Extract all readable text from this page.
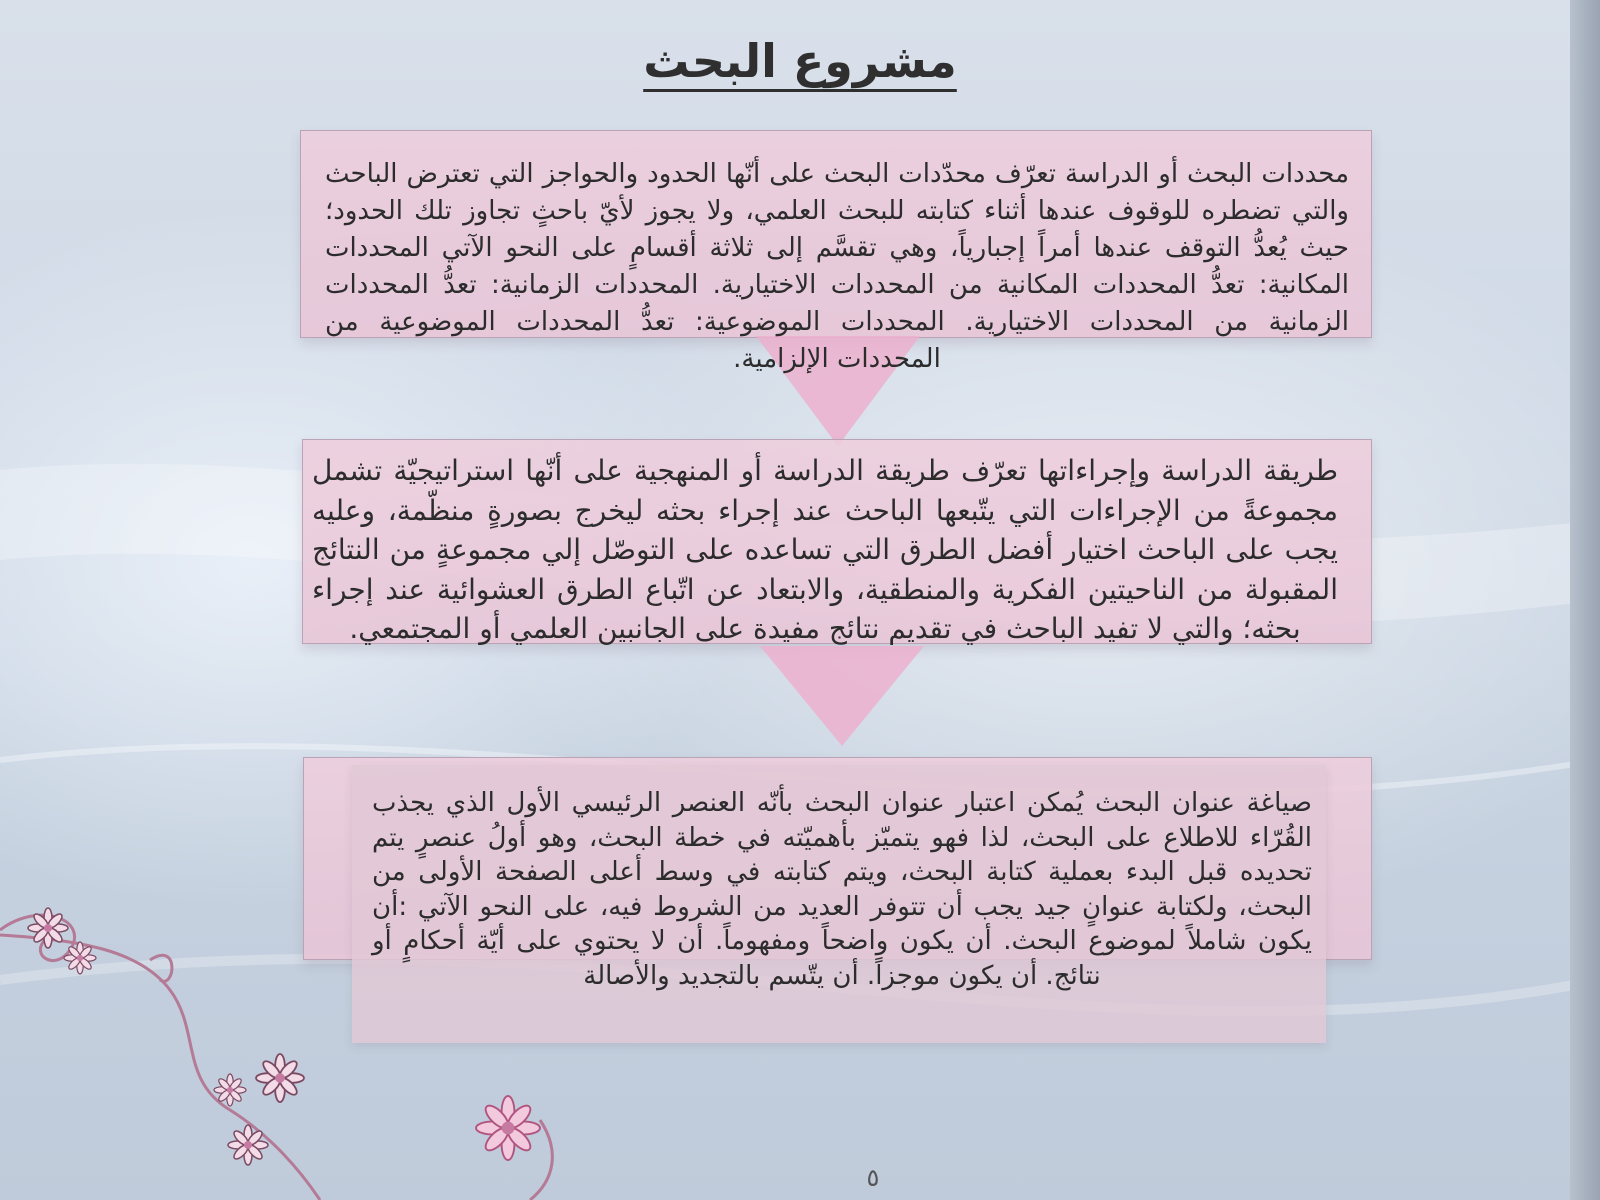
مشروع البحث

محددات البحث أو الدراسة تعرّف محدّدات البحث على أنّها الحدود والحواجز التي تعترض الباحث والتي تضطره للوقوف عندها أثناء كتابته للبحث العلمي، ولا يجوز لأيّ باحثٍ تجاوز تلك الحدود؛ حيث يُعدُّ التوقف عندها أمراً إجبارياً، وهي تقسَّم إلى ثلاثة أقسامٍ على النحو الآتي المحددات المكانية: تعدُّ المحددات المكانية من المحددات الاختيارية. المحددات الزمانية: تعدُّ المحددات الزمانية من المحددات الاختيارية. المحددات الموضوعية: تعدُّ المحددات الموضوعية من المحددات الإلزامية.

طريقة الدراسة وإجراءاتها تعرّف طريقة الدراسة أو المنهجية على أنّها استراتيجيّة تشمل مجموعةً من الإجراءات التي يتّبعها الباحث عند إجراء بحثه ليخرج بصورةٍ منظّمة، وعليه يجب على الباحث اختيار أفضل الطرق التي تساعده على التوصّل إلي مجموعةٍ من النتائج المقبولة من الناحيتين الفكرية والمنطقية، والابتعاد عن اتّباع الطرق العشوائية عند إجراء بحثه؛ والتي لا تفيد الباحث في تقديم نتائج مفيدة على الجانبين العلمي أو المجتمعي.

صياغة عنوان البحث يُمكن اعتبار عنوان البحث بأنّه العنصر الرئيسي الأول الذي يجذب القُرّاء للاطلاع على البحث، لذا فهو يتميّز بأهميّته في خطة البحث، وهو أولُ عنصرٍ يتم تحديده قبل البدء بعملية كتابة البحث، ويتم كتابته في وسط أعلى الصفحة الأولى من البحث، ولكتابة عنوانٍ جيد يجب أن تتوفر العديد من الشروط فيه، على النحو الآتي :أن يكون شاملاً لموضوع البحث. أن يكون واضحاً ومفهوماً. أن لا يحتوي على أيّة أحكامٍ أو نتائج. أن يكون موجزاً. أن يتّسم بالتجديد والأصالة

٥
